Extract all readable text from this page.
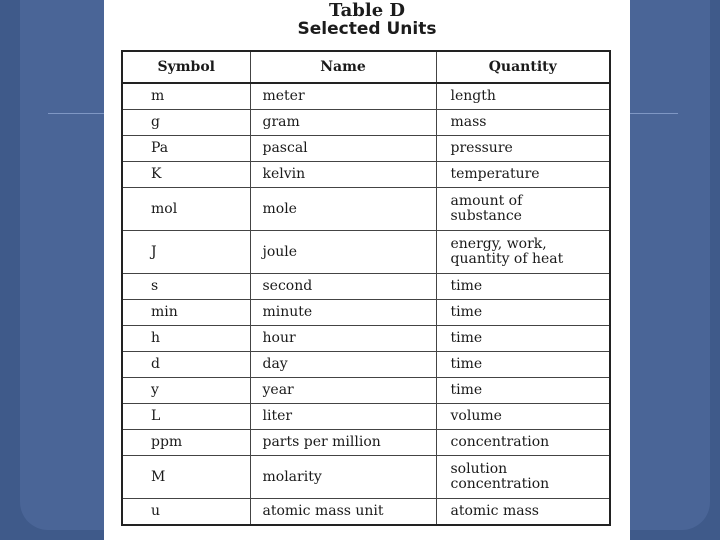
Table D
Selected Units
Symbol	Name	Quantity
m	meter	length

g	gram	mass

Pa	pascal	pressure

K	kelvin	temperature

mol	mole	amount of
substance

J	joule	energy, work,
quantity of heat

s	second	time

min	minute	time

h	hour	time

d	day	time

y	year	time

L	liter	volume

ppm	parts per million	concentration

M	molarity	solution
concentration

u	atomic mass unit	atomic mass
